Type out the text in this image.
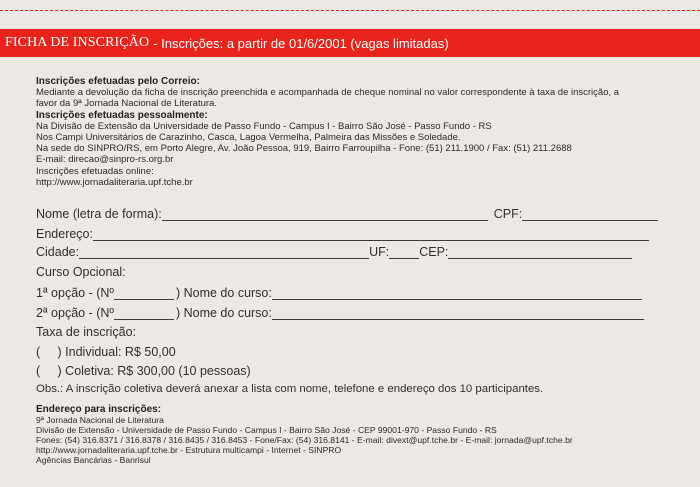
FICHA DE INSCRIÇÃO - Inscrições: a partir de 01/6/2001 (vagas limitadas)
Inscrições efetuadas pelo Correio:
Mediante a devolução da ficha de inscrição preenchida e acompanhada de cheque nominal no valor correspondente à taxa de inscrição, a
favor da 9ª Jornada Nacional de Literatura.
Inscrições efetuadas pessoalmente:
Na Divisão de Extensão da Universidade de Passo Fundo - Campus I - Bairro São José - Passo Fundo - RS
Nos Campi Universitários de Carazinho, Casca, Lagoa Vermelha, Palmeira das Missões e Soledade.
Na sede do SINPRO/RS, em Porto Alegre, Av. João Pessoa, 919, Bairro Farroupilha - Fone: (51) 211.1900 / Fax: (51) 211.2688
E-mail: direcao@sinpro-rs.org.br
Inscrições efetuadas online:
http://www.jornadaliteraria.upf.tche.br
Nome (letra de forma):	CPF:
Endereço:
Cidade:	UF: CEP:
Curso Opcional:
1ª opção - (Nº	) Nome do curso:
2ª opção - (Nº	) Nome do curso:
Taxa de inscrição:
( ) Individual: R$ 50,00
( ) Coletiva: R$ 300,00 (10 pessoas)
Obs.: A inscrição coletiva deverá anexar a lista com nome, telefone e endereço dos 10 participantes.
Endereço para inscrições:
9ª Jornada Nacional de Literatura
Divisão de Extensão - Universidade de Passo Fundo - Campus I - Bairro São José - CEP 99001-970 - Passo Fundo - RS
Fones: (54) 316.8371 / 316.8378 / 316.8435 / 316.8453 - Fone/Fax: (54) 316.8141 - E-mail: divext@upf.tche.br - E-mail: jornada@upf.tche.br
http://www.jornadaliteraria.upf.tche.br - Estrutura multicampi - Internet - SINPRO
Agências Bancárias - Banrisul
